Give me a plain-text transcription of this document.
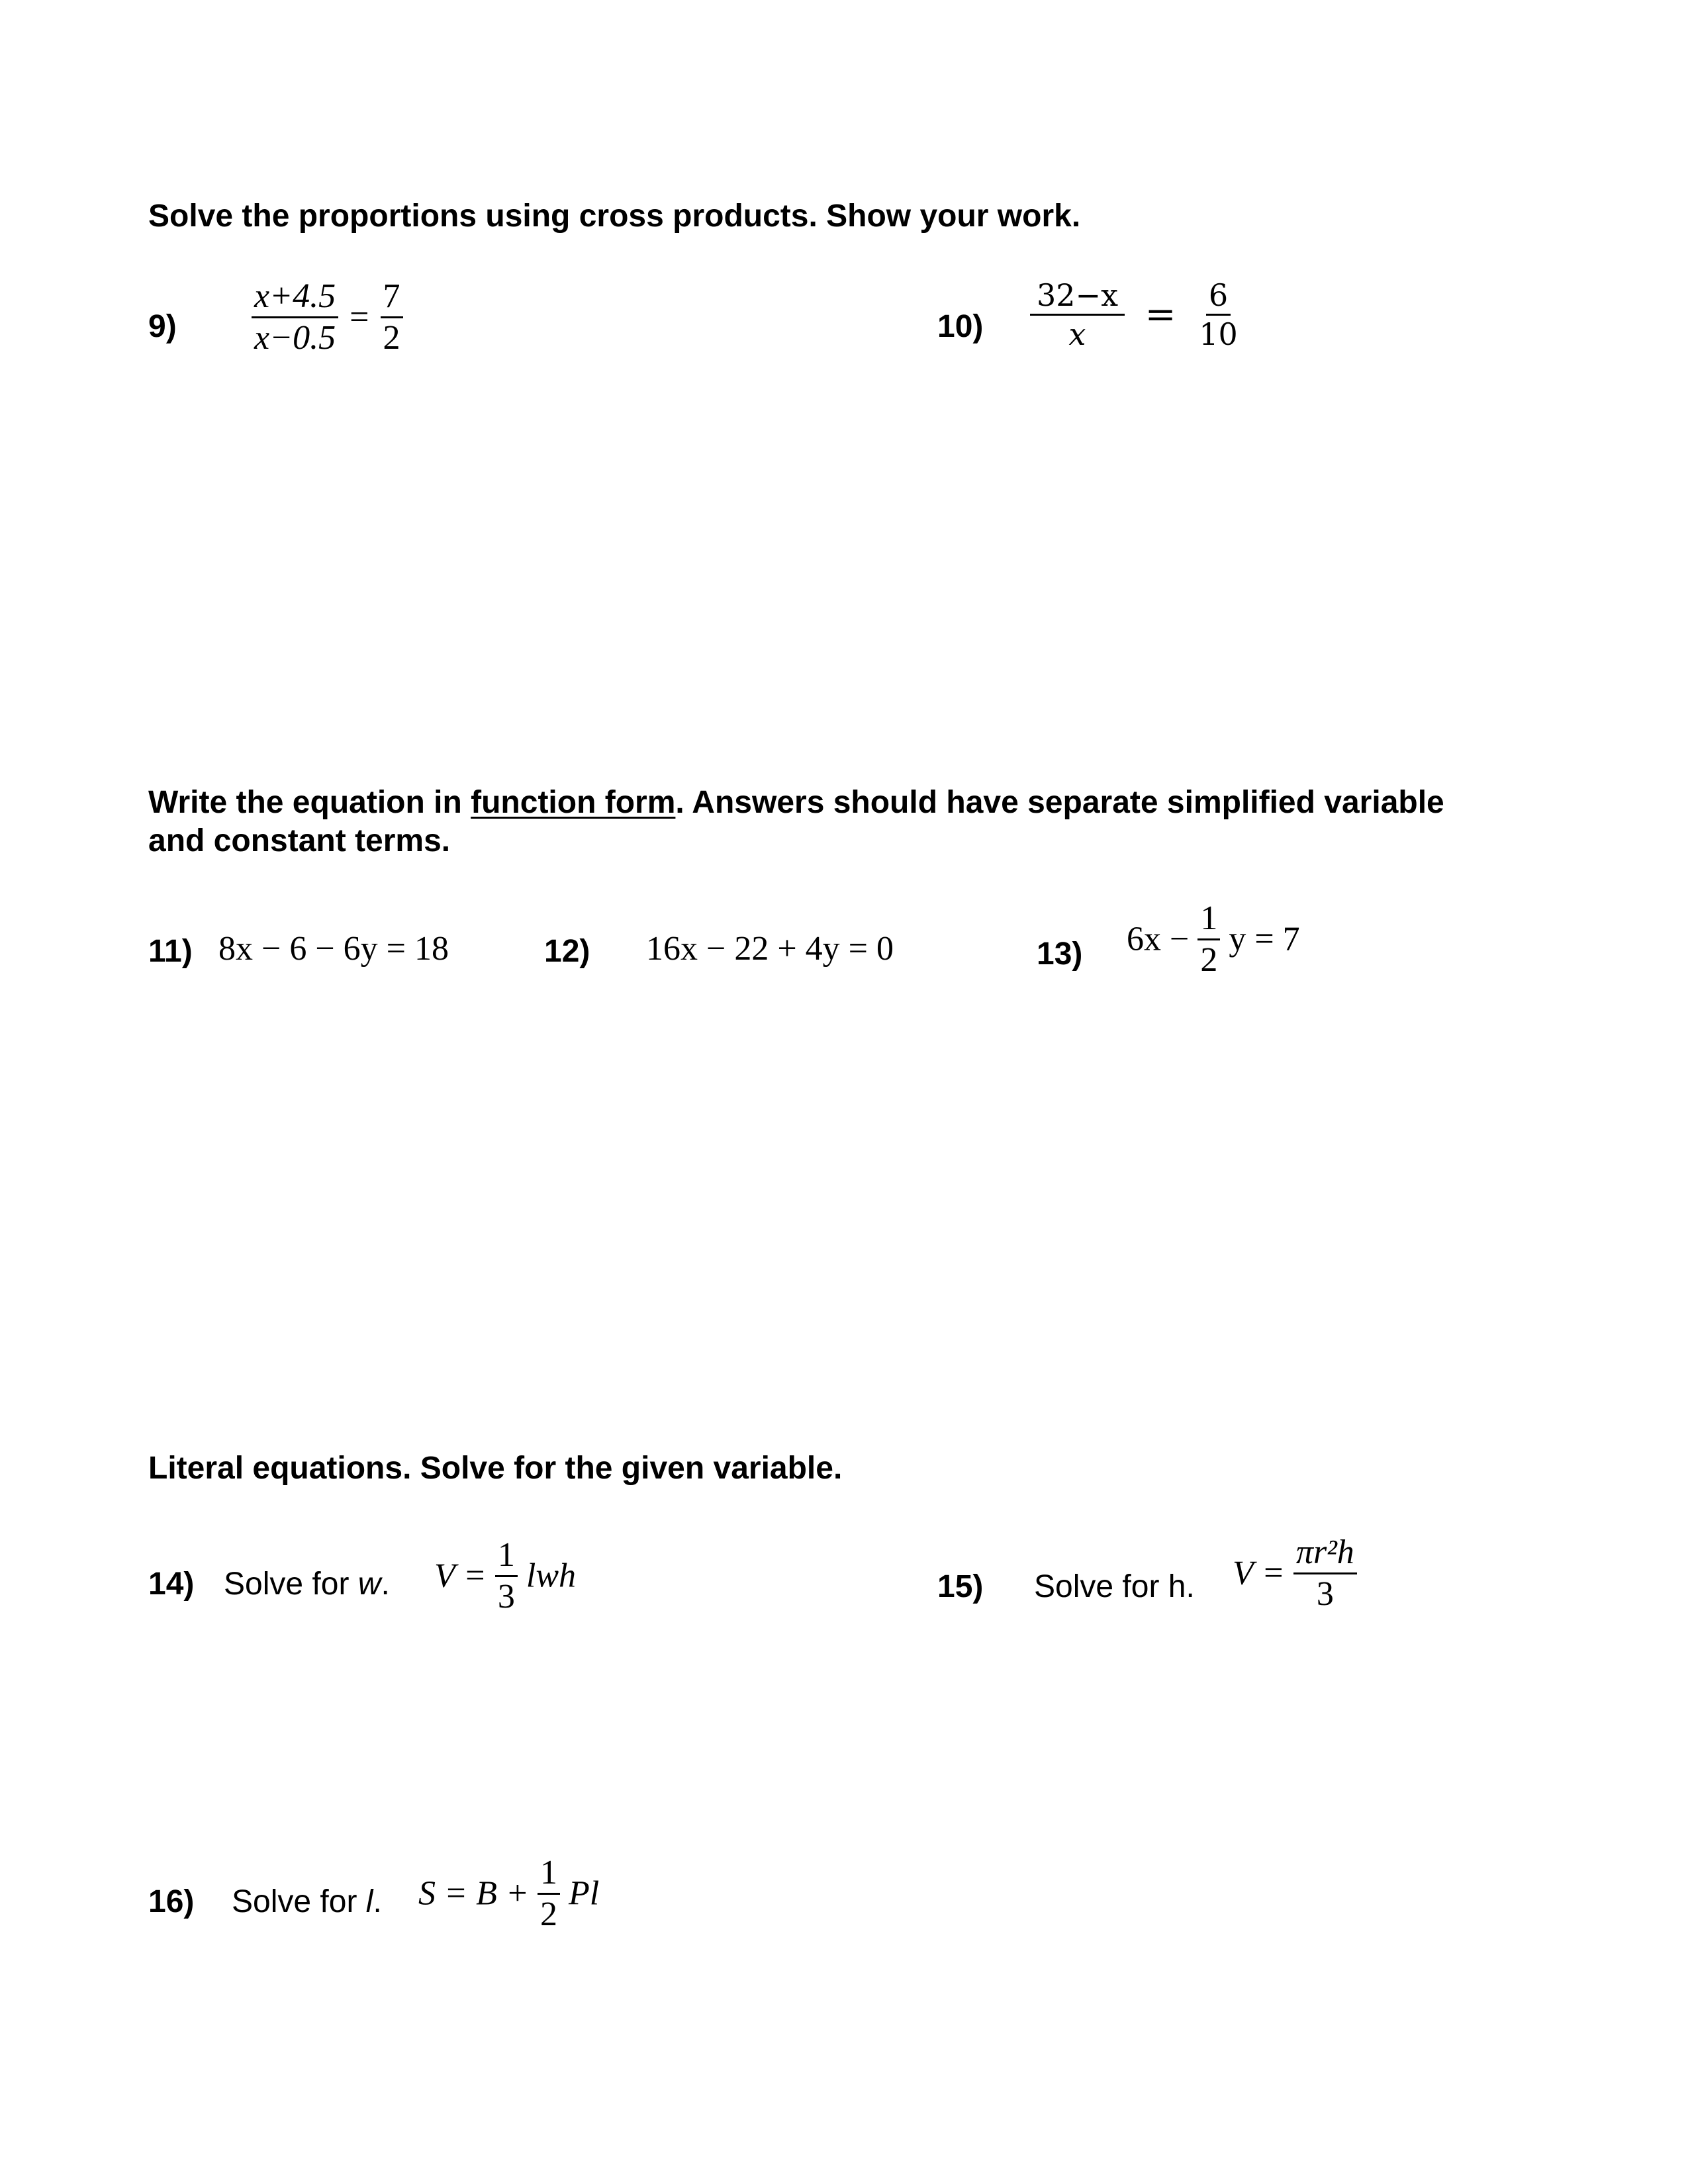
Solve the proportions using cross products. Show your work.
$9) \frac{x+4.5}{x-0.5} = \frac{7}{2}$	$10) \frac{32-x}{x} = \frac{6}{10}$
Write the equation in function form. Answers should have separate simplified variable
and constant terms.
11) 8x − 6 − 6y = 18	12) 16x − 22 + 4y = 0	13) $6x - \frac{1}{2}$ y = 7
Literal equations. Solve for the given variable.
14) Solve for w. $V = \frac{1}{3}$ lwh	15) Solve for h. $V = \frac{\text{πr²h}}{3}$
16) Solve for l. $S = B + \frac{1}{2}$ Pl
